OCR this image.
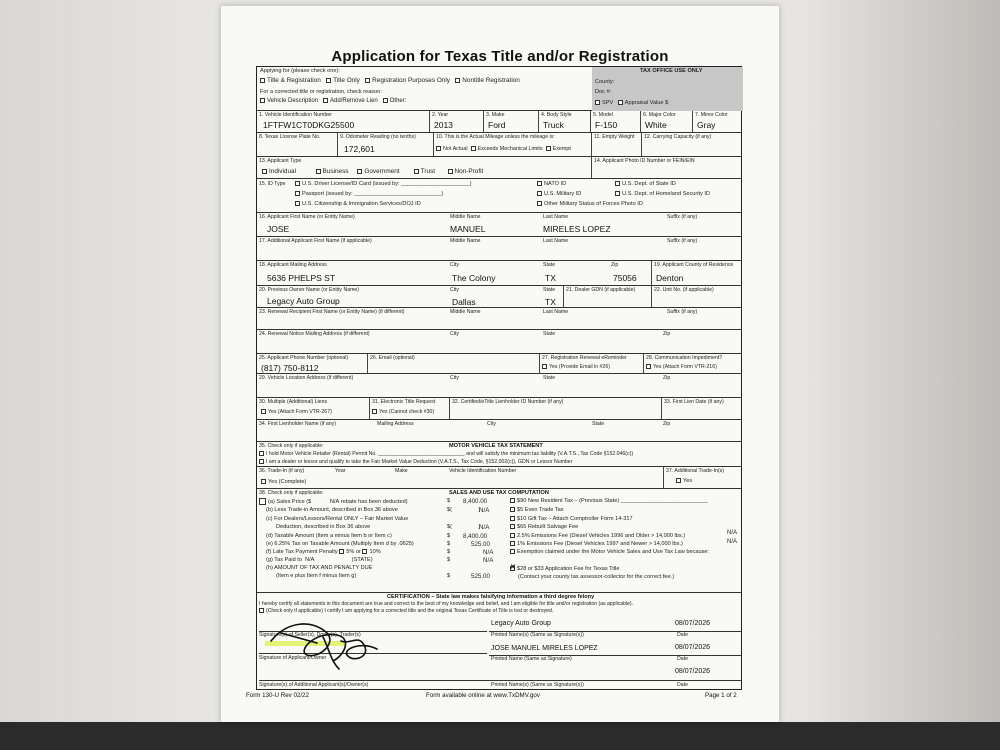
Application for Texas Title and/or Registration
Applying for (please check one):
Title & Registration Title Only Registration Purposes Only Nontitle Registration
For a corrected title or registration, check reason:
Vehicle Description Add/Remove Lien Other:
TAX OFFICE USE ONLY
County:
Doc #:
SPV Appraisal Value $
1. Vehicle Identification Number
1FTFW1CT0DKG25500
2. Year
2013
3. Make
Ford
4. Body Style
Truck
5. Model
F-150
6. Major Color
White
7. Minor Color
Gray
8. Texas License Plate No.	9. Odometer Reading (no tenths)
172,601
10. This is the Actual Mileage unless the mileage is:
Not Actual Exceeds Mechanical Limits Exempt
11. Empty Weight 12. Carrying Capacity (if any)
13. Applicant Type
Individual	Business Government	Trust	Non-Profit
14. Applicant Photo ID Number or FEIN/EIN
15. ID Type	U.S. Driver License/ID Card (issued by: ______________________)
Passport (issued by: ____________________________)
U.S. Citizenship & Immigration Services/DOJ ID
NATO ID
U.S. Military ID
Other Military Status of Forces Photo ID
U.S. Dept. of State ID
U.S. Dept. of Homeland Security ID
16. Applicant First Name (or Entity Name)
JOSE
Middle Name
MANUEL
Last Name
MIRELES LOPEZ
Suffix (if any)
17. Additional Applicant First Name (if applicable)	Middle Name	Last Name	Suffix (if any)
18. Applicant Mailing Address
5636 PHELPS ST
City
The Colony
State
TX
Zip
75056
19. Applicant County of Residence
Denton
20. Previous Owner Name (or Entity Name)
Legacy Auto Group
City
Dallas
State
TX
21. Dealer GDN (if applicable)	22. Unit No. (if applicable)
23. Renewal Recipient First Name (or Entity Name) (if different)	Middle Name	Last Name	Suffix (if any)
24. Renewal Notice Mailing Address (if different)	City	State	Zip
25. Applicant Phone Number (optional)
(817) 750-8112
26. Email (optional)	27. Registration Renewal eReminder
Yes (Provide Email in #26)
28. Communication Impediment?
Yes (Attach Form VTR-216)
29. Vehicle Location Address (if different)	City	State	Zip
30. Multiple (Additional) Liens
Yes (Attach Form VTR-267)
31. Electronic Title Request
Yes (Cannot check #30)
32. Certified/eTitle Lienholder ID Number (if any)	33. First Lien Date (if any)
34. First Lienholder Name (if any)	Mailing Address	City	State	Zip
35. Check only if applicable:	MOTOR VEHICLE TAX STATEMENT
I hold Motor Vehicle Retailer (Rental) Permit No. ______________________________ and will satisfy the minimum tax liability (V.A.T.S., Tax Code §152.046(c))
I am a dealer or lessor and qualify to take the Fair Market Value Deduction (V.A.T.S., Tax Code, §152.002(c)), GDN or Lessor Number
36. Trade-In (if any)	Year	Make	Vehicle Identification Number
Yes (Complete)
37. Additional Trade-In(s)
Yes
38. Check only if applicable:	SALES AND USE TAX COMPUTATION
(a) Sales Price ($	N/A rebate has been deducted)	$ 8,400.00
(b) Less Trade-in Amount, described in Box 36 above	$(                 )
N/A
(c) For Dealers/Lessors/Rental ONLY – Fair Market Value
Deduction, described in Box 36 above	$(                 )
N/A
(d) Taxable Amount (Item a minus Item b or Item c)	$ 8,400.00
(e) 6.25% Tax on Taxable Amount (Multiply Item d by .0625)	$	525.00
(f) Late Tax Payment Penalty 5% or 10%	$	N/A
(g) Tax Paid to N/A	(STATE)	$	N/A
(h) AMOUNT OF TAX AND PENALTY DUE
(Item e plus Item f minus Item g)	$	525.00
$90 New Resident Tax – (Previous State) ____________________________
$5 Even Trade Tax
$10 Gift Tax – Attach Comptroller Form 14-317
$65 Rebuilt Salvage Fee
2.5% Emissions Fee (Diesel Vehicles 1996 and Older > 14,000 lbs.)	N/A
1% Emissions Fee (Diesel Vehicles 1997 and Newer > 14,000 lbs.)	N/A
Exemption claimed under the Motor Vehicle Sales and Use Tax Law because:
✕$28 or $33 Application Fee for Texas Title
(Contact your county tax assessor-collector for the correct fee.)
CERTIFICATION – State law makes falsifying information a third degree felony
I hereby certify all statements in this document are true and correct to the best of my knowledge and belief, and I am eligible for title and/or registration (as applicable).
(Check only if applicable) I certify I am applying for a corrected title and the original Texas Certificate of Title is lost or destroyed.
Signature(s) of Seller(s), Donor(s), Trader(s)
Legacy Auto Group	08/07/2026
Printed Name(s) (Same as Signature(s))	Date
Signature of Applicant/Owner
JOSE MANUEL MIRELES LOPEZ	08/07/2026
Printed Name (Same as Signature)	Date
08/07/2026
Signature(s) of Additional Applicant(s)/Owner(s)	Printed Name(s) (Same as Signature(s))	Date
Form 130-U Rev 02/22	Form available online at www.TxDMV.gov	Page 1 of 2
